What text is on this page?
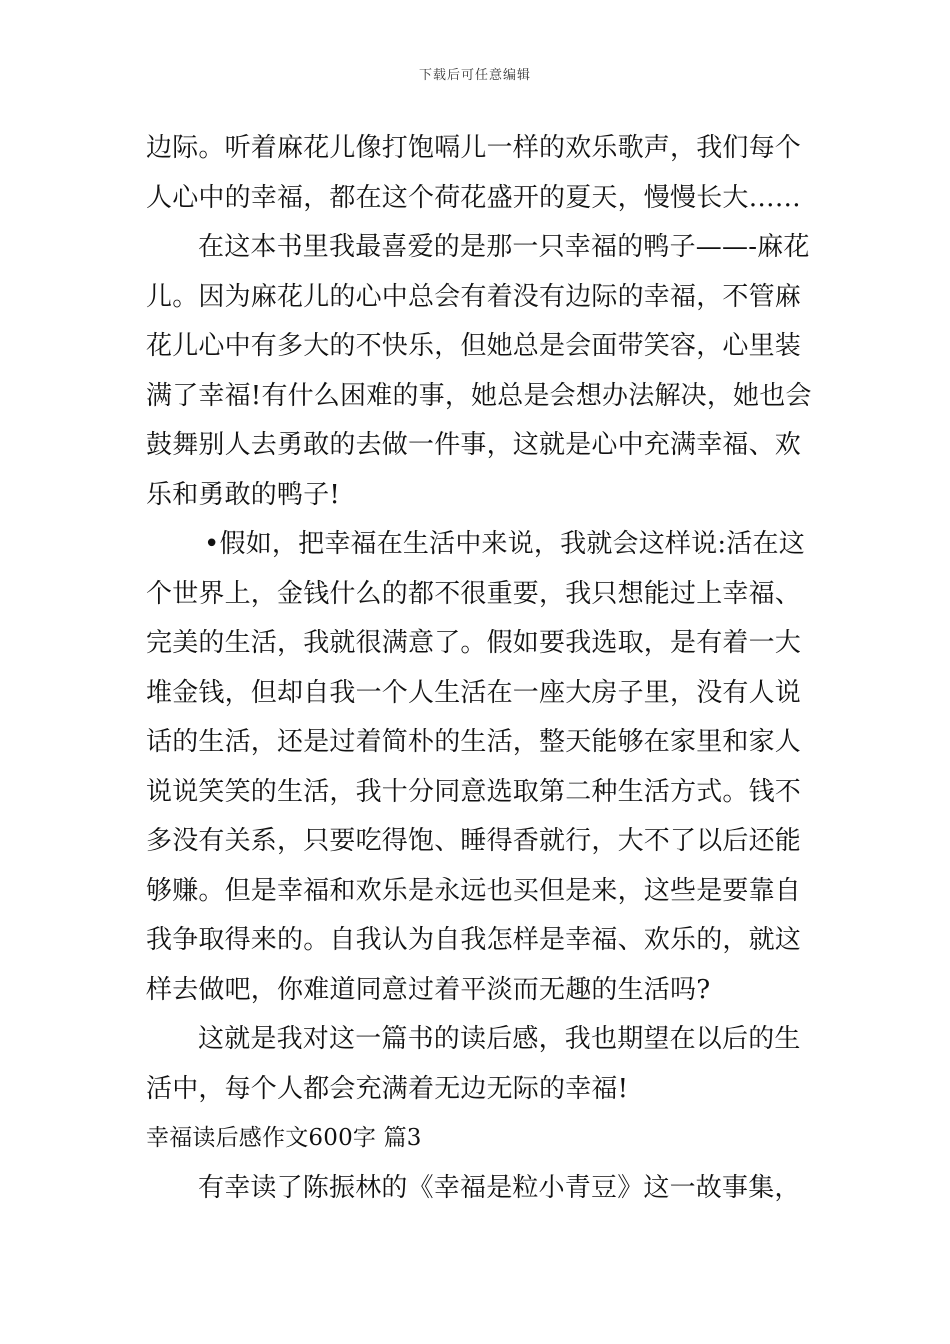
下载后可任意编辑
边际。听着麻花儿像打饱嗝儿一样的欢乐歌声，我们每个
人心中的幸福，都在这个荷花盛开的夏天，慢慢长大……
在这本书里我最喜爱的是那一只幸福的鸭子——-麻花
儿。因为麻花儿的心中总会有着没有边际的幸福，不管麻
花儿心中有多大的不快乐，但她总是会面带笑容，心里装
满了幸福!有什么困难的事，她总是会想办法解决，她也会
鼓舞别人去勇敢的去做一件事，这就是心中充满幸福、欢
乐和勇敢的鸭子!
•假如，把幸福在生活中来说，我就会这样说:活在这
个世界上，金钱什么的都不很重要，我只想能过上幸福、
完美的生活，我就很满意了。假如要我选取，是有着一大
堆金钱，但却自我一个人生活在一座大房子里，没有人说
话的生活，还是过着简朴的生活，整天能够在家里和家人
说说笑笑的生活，我十分同意选取第二种生活方式。钱不
多没有关系，只要吃得饱、睡得香就行，大不了以后还能
够赚。但是幸福和欢乐是永远也买但是来，这些是要靠自
我争取得来的。自我认为自我怎样是幸福、欢乐的，就这
样去做吧，你难道同意过着平淡而无趣的生活吗?
这就是我对这一篇书的读后感，我也期望在以后的生
活中，每个人都会充满着无边无际的幸福!
幸福读后感作文600字 篇3
有幸读了陈振林的《幸福是粒小青豆》这一故事集，
